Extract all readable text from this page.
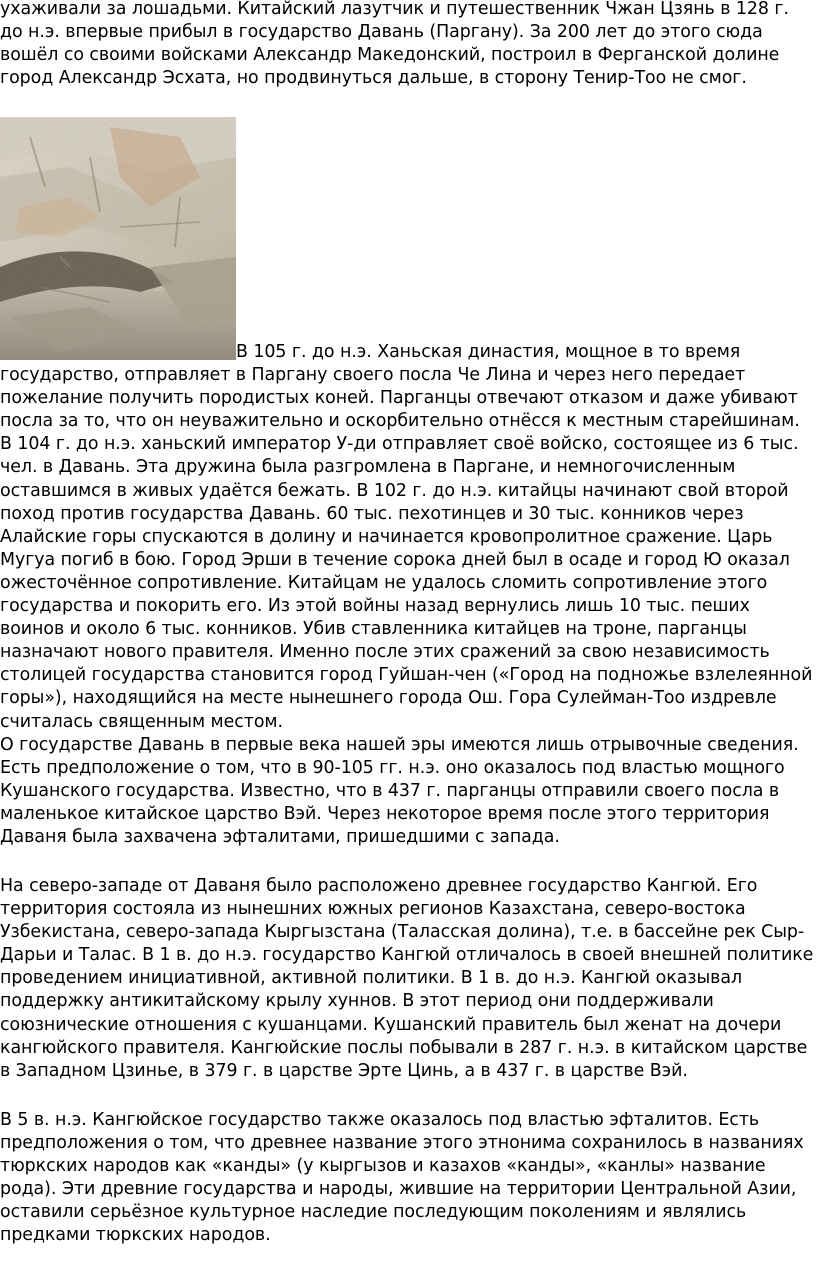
ухаживали за лошадьми. Китайский лазутчик и путешественник Чжан Цзянь в 128 г. до н.э. впервые прибыл в государство Давань (Паргану). За 200 лет до этого сюда вошёл со своими войсками Александр Македонский, построил в Ферганской долине город Александр Эсхата, но продвинуться дальше, в сторону Тенир-Тоо не смог.

В 105 г. до н.э. Ханьская династия, мощное в то время государство, отправляет в Паргану своего посла Че Лина и через него передает пожелание получить породистых коней. Парганцы отвечают отказом и даже убивают посла за то, что он неуважительно и оскорбительно отнёсся к местным старейшинам. В 104 г. до н.э. ханьский император У-ди отправляет своё войско, состоящее из 6 тыс. чел. в Давань. Эта дружина была разгромлена в Паргане, и немногочисленным оставшимся в живых удаётся бежать. В 102 г. до н.э. китайцы начинают свой второй поход против государства Давань. 60 тыс. пехотинцев и 30 тыс. конников через Алайские горы спускаются в долину и начинается кровопролитное сражение. Царь Мугуа погиб в бою. Город Эрши в течение сорока дней был в осаде и город Ю оказал ожесточённое сопротивление. Китайцам не удалось сломить сопротивление этого государства и покорить его. Из этой войны назад вернулись лишь 10 тыс. пеших воинов и около 6 тыс. конников. Убив ставленника китайцев на троне, парганцы назначают нового правителя. Именно после этих сражений за свою независимость столицей государства становится город Гуйшан-чен («Город на подножье взлелеянной горы»), находящийся на месте нынешнего города Ош. Гора Сулейман-Тоо издревле считалась священным местом.

О государстве Давань в первые века нашей эры имеются лишь отрывочные сведения. Есть предположение о том, что в 90-105 гг. н.э. оно оказалось под властью мощного Кушанского государства. Известно, что в 437 г. парганцы отправили своего посла в маленькое китайское царство Вэй. Через некоторое время после этого территория Даваня была захвачена эфталитами, пришедшими с запада.

На северо-западе от Даваня было расположено древнее государство Кангюй. Его территория состояла из нынешних южных регионов Казахстана, северо-востока Узбекистана, северо-запада Кыргызстана (Таласская долина), т.е. в бассейне рек Сыр-Дарьи и Талас. В 1 в. до н.э. государство Кангюй отличалось в своей внешней политике проведением инициативной, активной политики. В 1 в. до н.э. Кангюй оказывал поддержку антикитайскому крылу хуннов. В этот период они поддерживали союзнические отношения с кушанцами. Кушанский правитель был женат на дочери кангюйского правителя. Кангюйские послы побывали в 287 г. н.э. в китайском царстве в Западном Цзинье, в 379 г. в царстве Эрте Цинь, а в 437 г. в царстве Вэй.

В 5 в. н.э. Кангюйское государство также оказалось под властью эфталитов. Есть предположения о том, что древнее название этого этнонима сохранилось в названиях тюркских народов как «канды» (у кыргызов и казахов «канды», «канлы» название рода). Эти древние государства и народы, жившие на территории Центральной Азии, оставили серьёзное культурное наследие последующим поколениям и являлись предками тюркских народов.
